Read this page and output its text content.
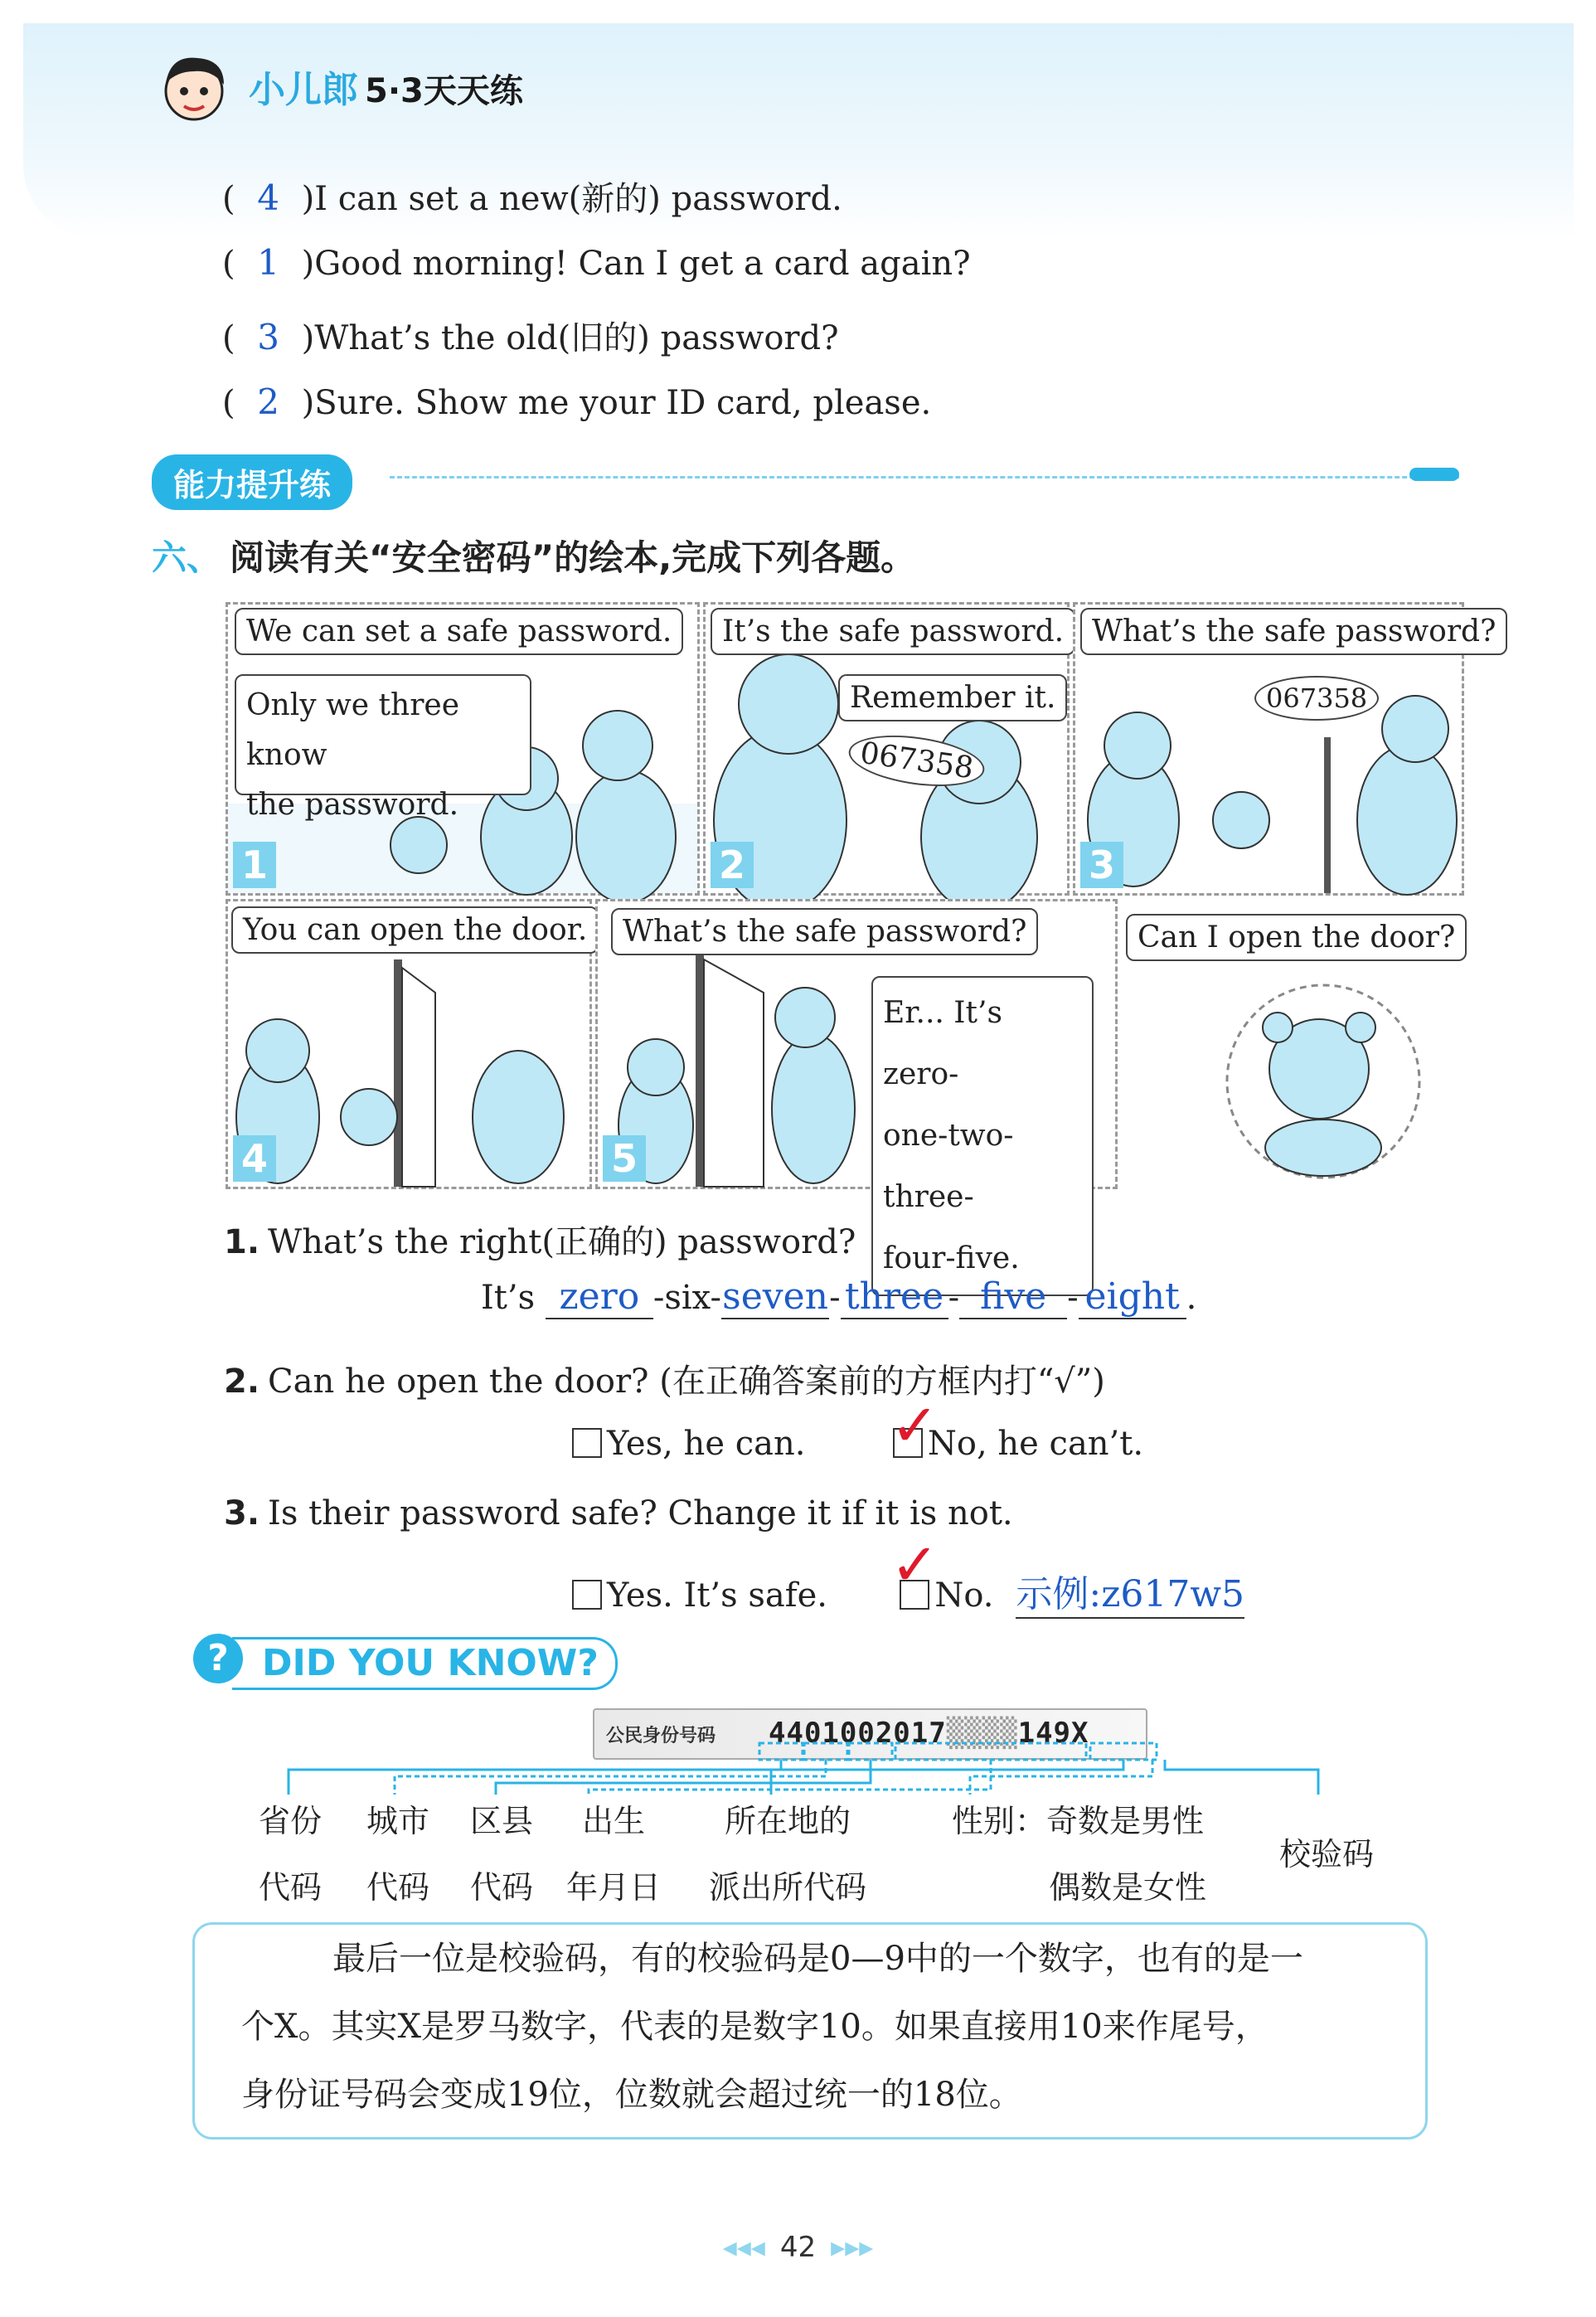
小儿郎 5·3天天练
( 4 )I can set a new(新的) password.
( 1 )Good morning! Can I get a card again?
( 3 )What’s the old(旧的) password?
( 2 )Sure. Show me your ID card, please.
能力提升练
六、 阅读有关“安全密码”的绘本,完成下列各题。
We can set a safe password.
Only we three know
the password.
1
It’s the safe password.
Remember it.
067358
2
What’s the safe password?
067358
3
You can open the door.
4
What’s the safe password?
Er... It’s zero-
one-two-three-
four-five.
5
Can I open the door?
1. What’s the right(正确的) password?
It’s zero -six-seven- three - five - eight .
2. Can he open the door? (在正确答案前的方框内打“√”)
Yes, he can.	No, he can’t.
✓
3. Is their password safe? Change it if it is not.
Yes. It’s safe.	No. 示例:z617w5
✓
DID YOU KNOW?
?
公民身份号码 4401002017▒▒▒▒149X
省份
代码
城市
代码
区县
代码
出生
年月日
所在地的
派出所代码
性别：奇数是男性
偶数是女性
校验码

最后一位是校验码，有的校验码是0—9中的一个数字，也有的是一

个X。其实X是罗马数字，代表的是数字10。如果直接用10来作尾号，

身份证号码会变成19位，位数就会超过统一的18位。

◂◂◂ 42 ▸▸▸
